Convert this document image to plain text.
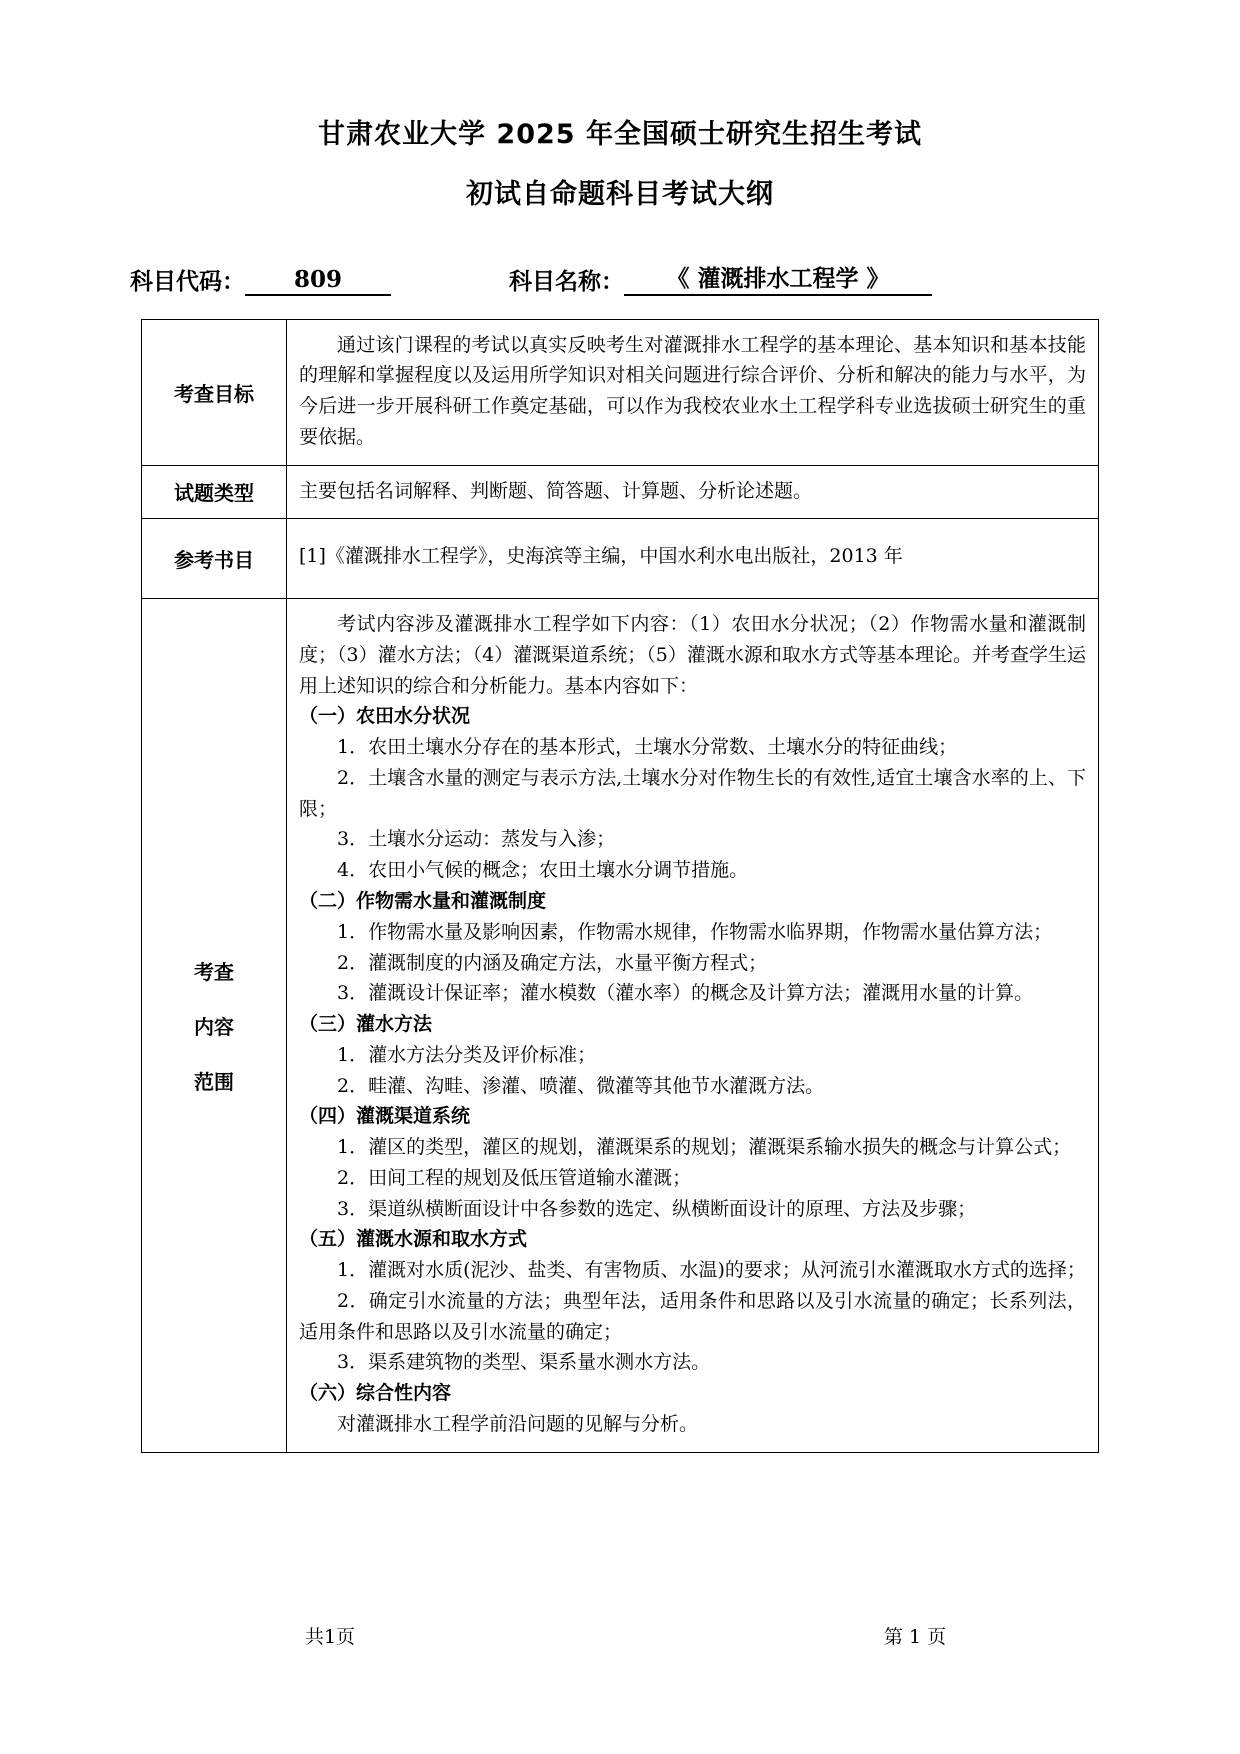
甘肃农业大学 2025 年全国硕士研究生招生考试
初试自命题科目考试大纲
科目代码：	809	科目名称：	《 灌溉排水工程学 》
考查目标	通过该门课程的考试以真实反映考生对灌溉排水工程学的基本理论、基本知识和基本技能的理解和掌握程度以及运用所学知识对相关问题进行综合评价、分析和解决的能力与水平，为今后进一步开展科研工作奠定基础，可以作为我校农业水土工程学科专业选拔硕士研究生的重要依据。

试题类型	主要包括名词解释、判断题、简答题、计算题、分析论述题。

参考书目	[1]《灌溉排水工程学》，史海滨等主编，中国水利水电出版社，2013 年

考查
内容
范围

考试内容涉及灌溉排水工程学如下内容：（1）农田水分状况；（2）作物需水量和灌溉制度；（3）灌水方法；（4）灌溉渠道系统；（5）灌溉水源和取水方式等基本理论。并考查学生运用上述知识的综合和分析能力。基本内容如下：

（一）农田水分状况

1．农田土壤水分存在的基本形式，土壤水分常数、土壤水分的特征曲线；

2．土壤含水量的测定与表示方法,土壤水分对作物生长的有效性,适宜土壤含水率的上、下限；

3．土壤水分运动：蒸发与入渗；

4．农田小气候的概念；农田土壤水分调节措施。

（二）作物需水量和灌溉制度

1．作物需水量及影响因素，作物需水规律，作物需水临界期，作物需水量估算方法；

2．灌溉制度的内涵及确定方法，水量平衡方程式；

3．灌溉设计保证率；灌水模数（灌水率）的概念及计算方法；灌溉用水量的计算。

（三）灌水方法

1．灌水方法分类及评价标准；

2．畦灌、沟畦、渗灌、喷灌、微灌等其他节水灌溉方法。

（四）灌溉渠道系统

1．灌区的类型，灌区的规划，灌溉渠系的规划；灌溉渠系输水损失的概念与计算公式；

2．田间工程的规划及低压管道输水灌溉；

3．渠道纵横断面设计中各参数的选定、纵横断面设计的原理、方法及步骤；

（五）灌溉水源和取水方式

1．灌溉对水质(泥沙、盐类、有害物质、水温)的要求；从河流引水灌溉取水方式的选择；

2．确定引水流量的方法；典型年法，适用条件和思路以及引水流量的确定；长系列法，适用条件和思路以及引水流量的确定；

3．渠系建筑物的类型、渠系量水测水方法。

（六）综合性内容

对灌溉排水工程学前沿问题的见解与分析。

共1页	第 1 页
